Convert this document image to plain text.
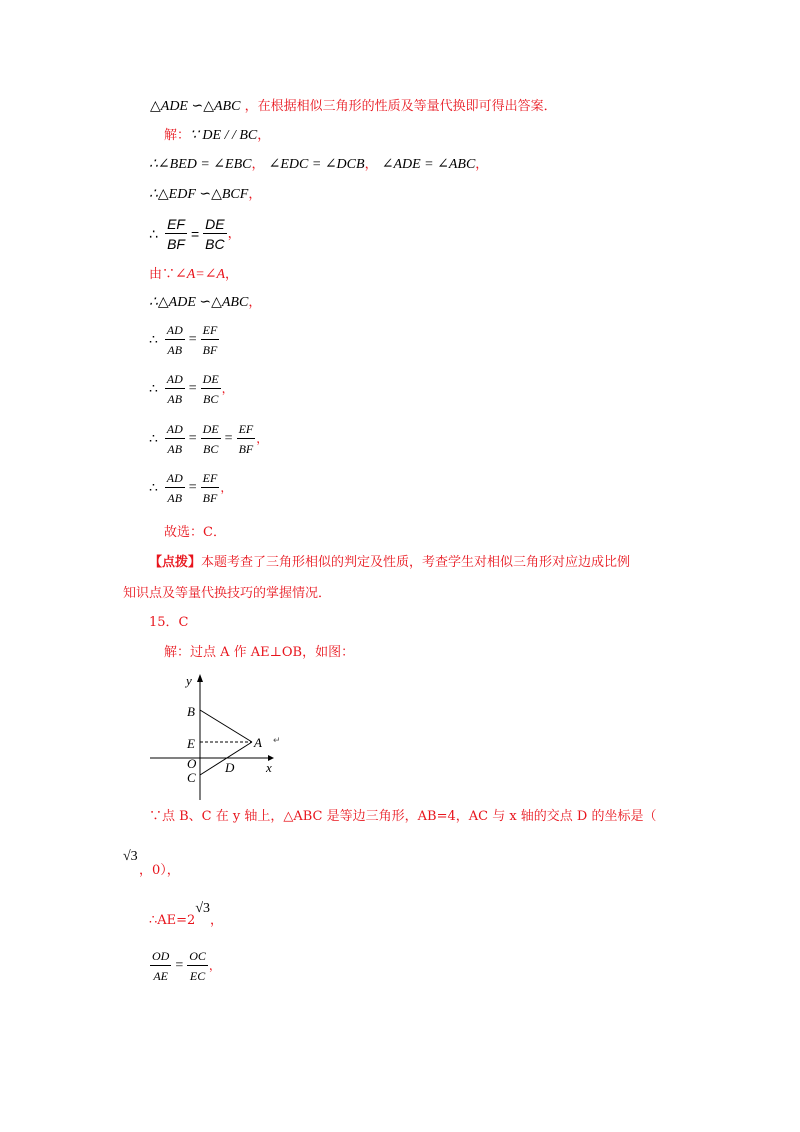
△ADE ∽△ABC ，在根据相似三角形的性质及等量代换即可得出答案．
解：∵ DE / / BC，
∴∠BED = ∠EBC， ∠EDC = ∠DCB， ∠ADE = ∠ABC，
∴△EDF ∽△BCF，
∴ $\frac{EF}{BF} = \frac{DE}{BC}$ ，
由∵∠A=∠A，
∴△ADE ∽△ABC，
∴ $\frac{AD}{AB} = \frac{EF}{BF}$
∴ $\frac{AD}{AB} = \frac{DE}{BC}$ ，
∴ $\frac{AD}{AB} = \frac{DE}{BC} = \frac{EF}{BF}$ ，
∴ $\frac{AD}{AB} = \frac{EF}{BF}$ ，
故选：C．
【点拨】本题考查了三角形相似的判定及性质，考查学生对相似三角形对应边成比例
知识点及等量代换技巧的掌握情况．
15．C
解：过点 A 作 AE⊥OB，如图：
y
B
E	A ↵
O
C
D x
∵点 B、C 在 y 轴上，△ABC 是等边三角形，AB=4，AC 与 x 轴的交点 D 的坐标是（
√3
，0），
∴AE=2√3，
$\frac{OD}{AE} = \frac{OC}{EC}$ ，
